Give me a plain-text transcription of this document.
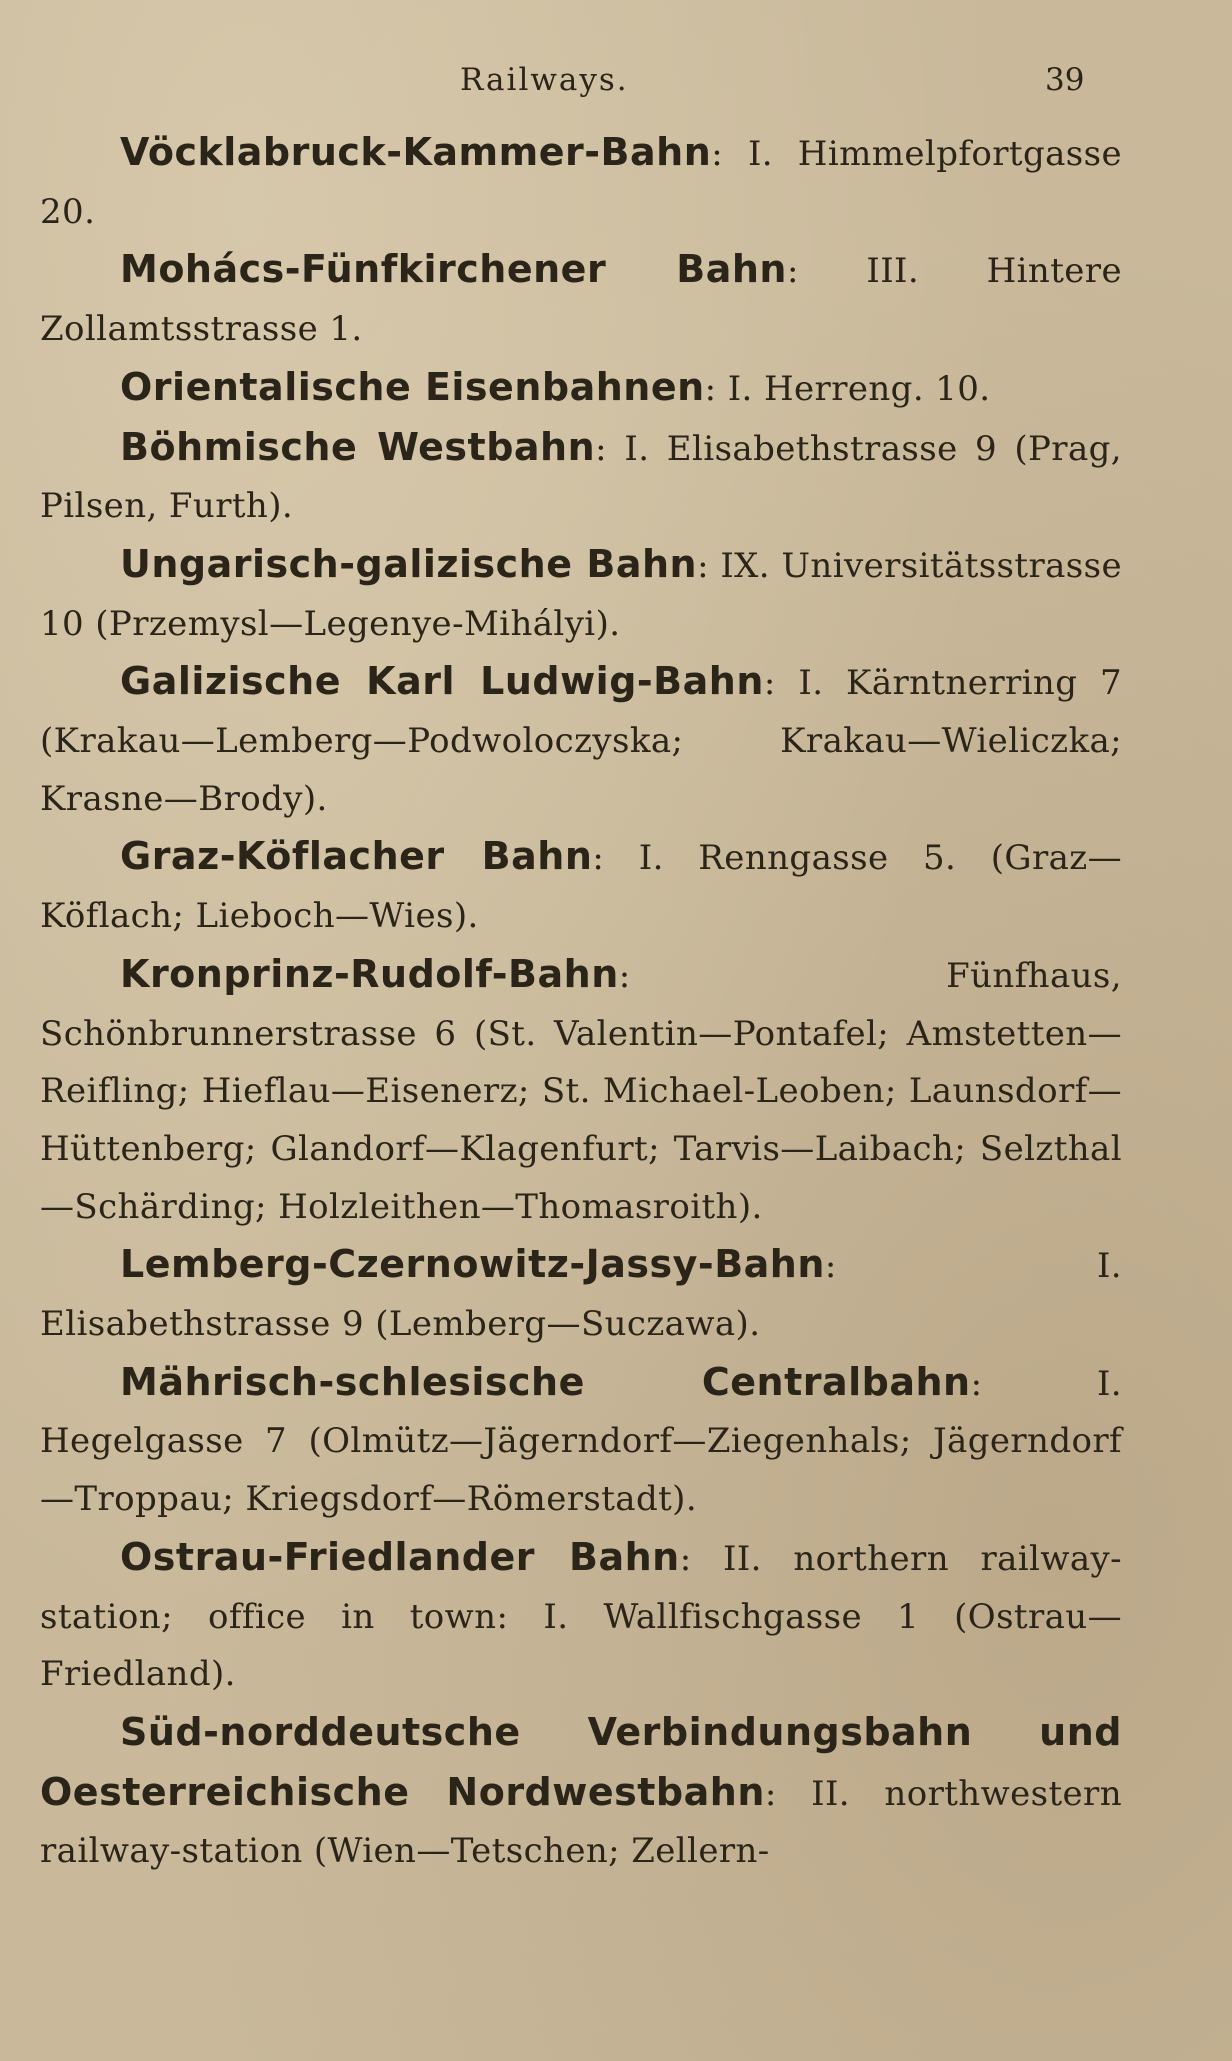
Railways.	39

Vöcklabruck-Kammer-Bahn: I. Himmelpfortgasse 20.

Mohács-Fünfkirchener Bahn: III. Hintere Zollamtsstrasse 1.

Orientalische Eisenbahnen: I. Herreng. 10.

Böhmische Westbahn: I. Elisabethstrasse 9 (Prag, Pilsen, Furth).

Ungarisch-galizische Bahn: IX. Universitätsstrasse 10 (Przemysl—Legenye-Mihályi).

Galizische Karl Ludwig-Bahn: I. Kärntnerring 7 (Krakau—Lemberg—Podwoloczyska; Krakau—Wieliczka; Krasne—Brody).

Graz-Köflacher Bahn: I. Renngasse 5. (Graz—Köflach; Lieboch—Wies).

Kronprinz-Rudolf-Bahn: Fünfhaus, Schönbrunnerstrasse 6 (St. Valentin—Pontafel; Amstetten—Reifling; Hieflau—Eisenerz; St. Michael-Leoben; Launsdorf—Hüttenberg; Glandorf—Klagenfurt; Tarvis—Laibach; Selzthal—Schärding; Holzleithen—Thomasroith).

Lemberg-Czernowitz-Jassy-Bahn: I. Elisabethstrasse 9 (Lemberg—Suczawa).

Mährisch-schlesische Centralbahn: I. Hegelgasse 7 (Olmütz—Jägerndorf—Ziegenhals; Jägerndorf—Troppau; Kriegsdorf—Römerstadt).

Ostrau-Friedlander Bahn: II. northern railway-station; office in town: I. Wallfischgasse 1 (Ostrau—Friedland).

Süd-norddeutsche Verbindungsbahn und Oesterreichische Nordwestbahn: II. northwestern railway-station (Wien—Tetschen; Zellern-
